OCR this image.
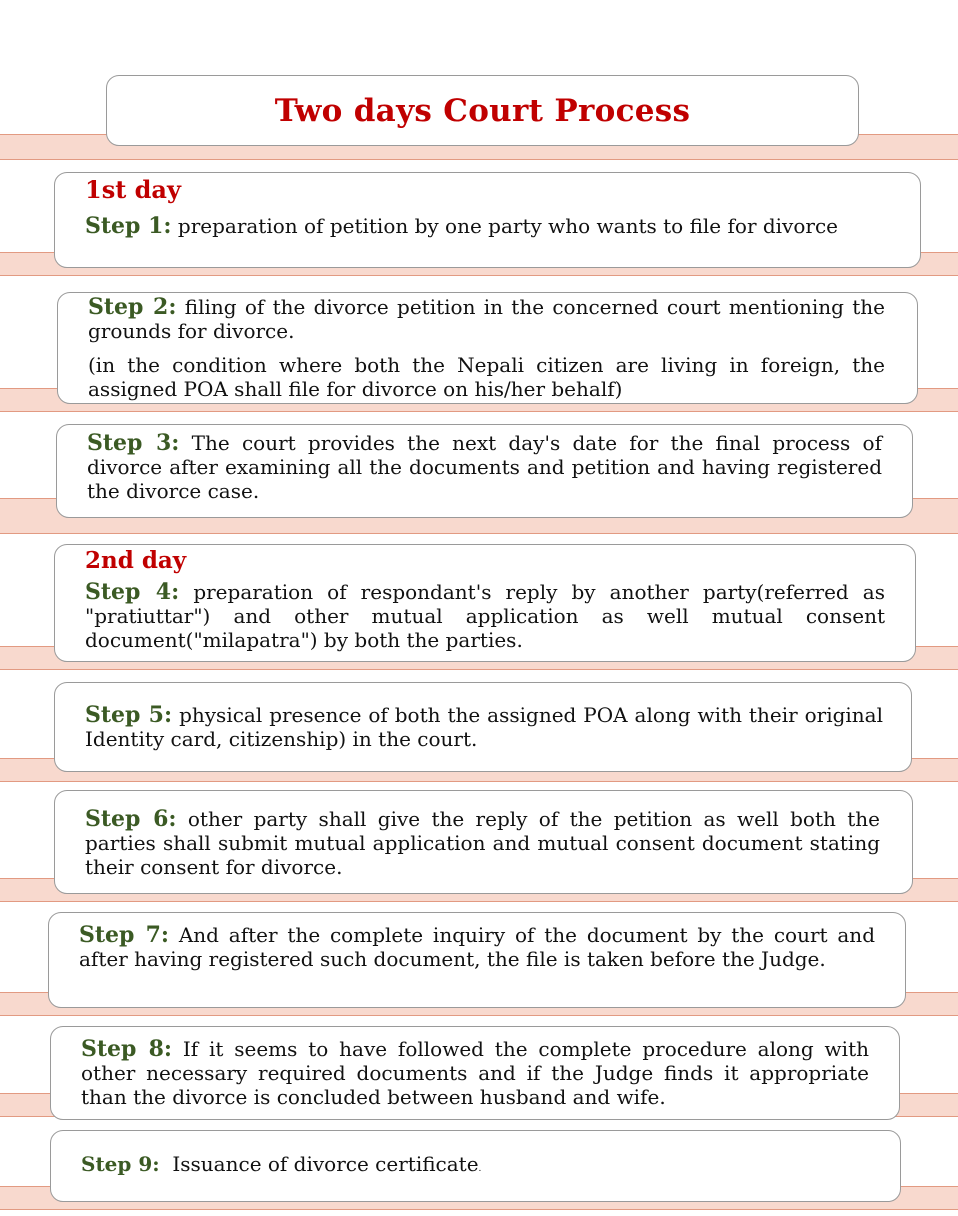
Two days Court Process
1st day
Step 1: preparation of petition by one party who wants to file for divorce
Step 2: filing of the divorce petition in the concerned court mentioning the grounds for divorce.
(in the condition where both the Nepali citizen are living in foreign, the assigned POA shall file for divorce on his/her behalf)
Step 3: The court provides the next day's date for the final process of divorce after examining all the documents and petition and having registered the divorce case.
2nd day
Step 4: preparation of respondant's reply by another party(referred as "pratiuttar") and other mutual application as well mutual consent document("milapatra") by both the parties.
Step 5: physical presence of both the assigned POA along with their original Identity card, citizenship) in the court.
Step 6: other party shall give the reply of the petition as well both the parties shall submit mutual application and mutual consent document stating their consent for divorce.
Step 7: And after the complete inquiry of the document by the court and after having registered such document, the file is taken before the Judge.
Step 8: If it seems to have followed the complete procedure along with other necessary required documents and if the Judge finds it appropriate than the divorce is concluded between husband and wife.
Step 9: Issuance of divorce certificate.
